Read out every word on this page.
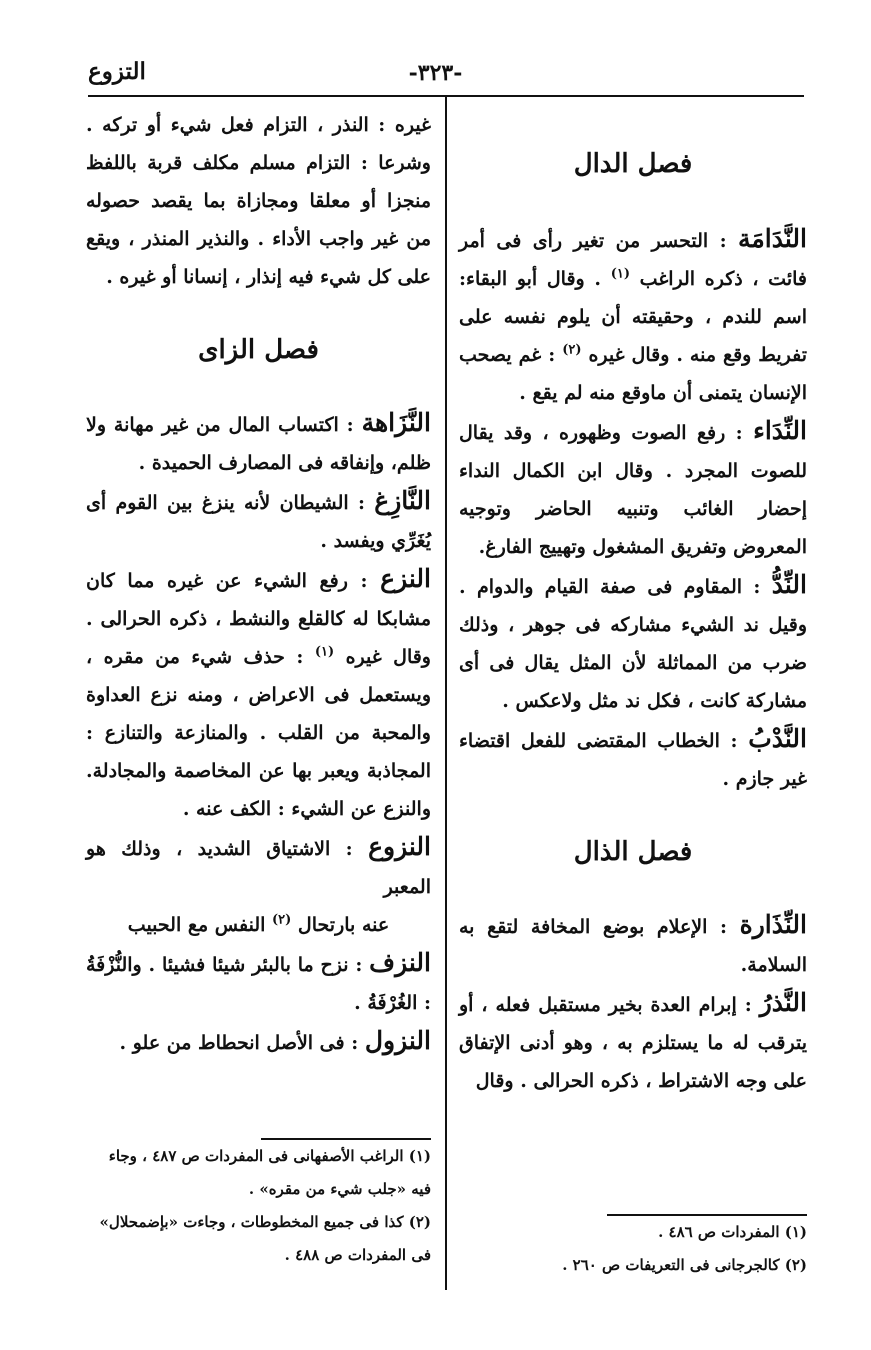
التزوع	-٣٢٣-
فصل الدال

النَّدَامَة : التحسر من تغير رأى فى أمر فائت ، ذكره الراغب $^{(١)}$ . وقال أبو البقاء: اسم للندم ، وحقيقته أن يلوم نفسه على تفريط وقع منه . وقال غيره $^{(٢)}$ : غم يصحب الإنسان يتمنى أن ماوقع منه لم يقع .

النِّدَاء : رفع الصوت وظهوره ، وقد يقال للصوت المجرد . وقال ابن الكمال النداء إحضار الغائب وتنبيه الحاضر وتوجيه المعروض وتفريق المشغول وتهييج الفارغ.

النِّدُّ : المقاوم فى صفة القيام والدوام . وقيل ند الشيء مشاركه فى جوهر ، وذلك ضرب من المماثلة لأن المثل يقال فى أى مشاركة كانت ، فكل ند مثل ولاعكس .

النَّدْبُ : الخطاب المقتضى للفعل اقتضاء غير جازم .

فصل الذال

النِّذَارة : الإعلام بوضع المخافة لتقع به السلامة.

النَّذرُ : إبرام العدة بخير مستقبل فعله ، أو يترقب له ما يستلزم به ، وهو أدنى الإتفاق على وجه الاشتراط ، ذكره الحرالى . وقال

(١) المفردات ص ٤٨٦ .
(٢) كالجرجانى فى التعريفات ص ٢٦٠ .

غيره : النذر ، التزام فعل شيء أو تركه . وشرعا : التزام مسلم مكلف قربة باللفظ منجزا أو معلقا ومجازاة بما يقصد حصوله من غير واجب الأداء . والنذير المنذر ، ويقع على كل شيء فيه إنذار ، إنسانا أو غيره .

فصل الزاى

النَّزَاهة : اكتساب المال من غير مهانة ولا ظلم، وإنفاقه فى المصارف الحميدة .

النَّازِغ : الشيطان لأنه ينزغ بين القوم أى يُغَرِّي ويفسد .

النزع : رفع الشيء عن غيره مما كان مشابكا له كالقلع والنشط ، ذكره الحرالى . وقال غيره $^{(١)}$ : حذف شيء من مقره ، ويستعمل فى الاعراض ، ومنه نزع العداوة والمحبة من القلب . والمنازعة والتنازع : المجاذبة ويعبر بها عن المخاصمة والمجادلة. والنزع عن الشيء : الكف عنه .

النزوع : الاشتياق الشديد ، وذلك هو المعبر

عنه بارتحال $^{(٢)}$ النفس مع الحبيب

النزف : نزح ما بالبئر شيئا فشيئا . والنُّزْفَةُ : الغُرْفَةُ .

النزول : فى الأصل انحطاط من علو .

(١) الراغب الأصفهانى فى المفردات ص ٤٨٧ ، وجاء فيه «جلب شيء من مقره» .
(٢) كذا فى جميع المخطوطات ، وجاءت «بإضمحلال» فى المفردات ص ٤٨٨ .
